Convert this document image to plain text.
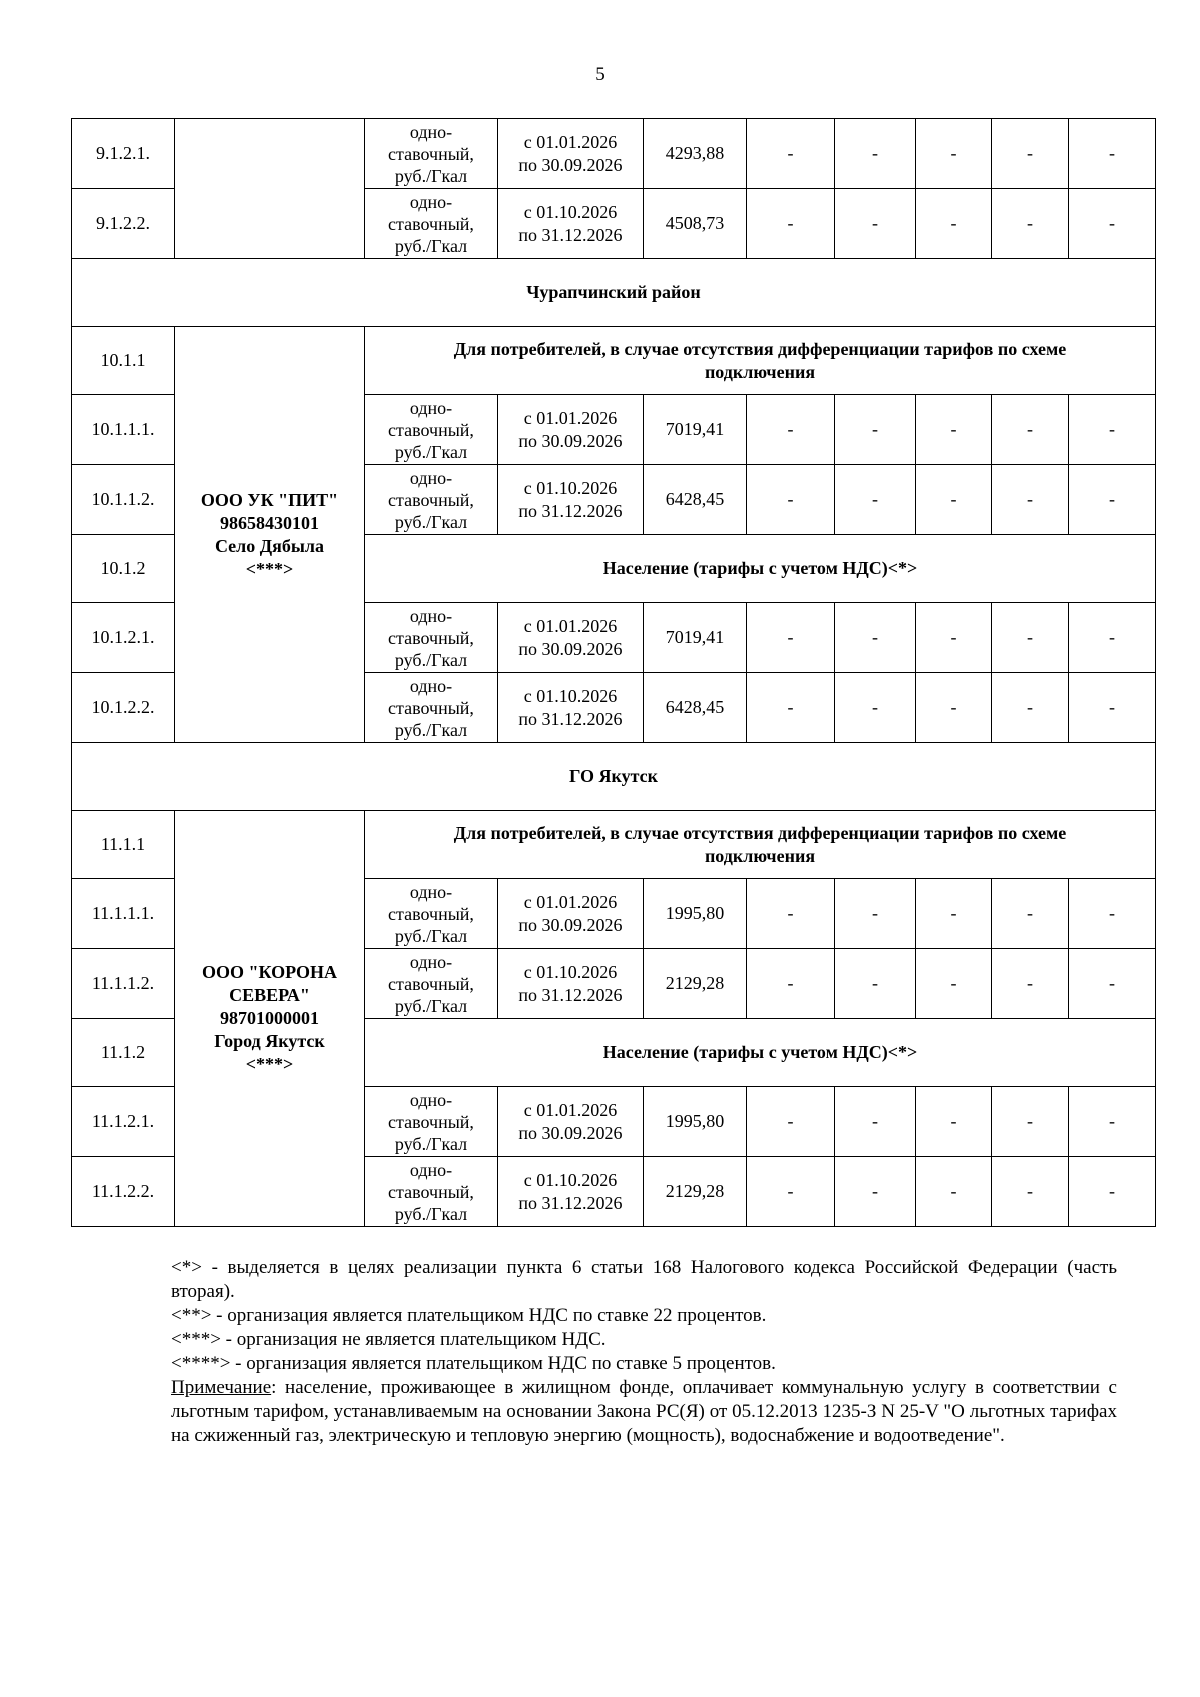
5
9.1.2.1.		одно-
ставочный,
руб./Гкал	с 01.01.2026
по 30.09.2026	4293,88	-	-	-	-	-
9.1.2.2.		одно-
ставочный,
руб./Гкал	с 01.10.2026
по 31.12.2026	4508,73	-	-	-	-	-
Чурапчинский район									
10.1.1	ООО УК "ПИТ"
98658430101
Село Дябыла
<***>	Для потребителей, в случае отсутствия дифференциации тарифов по схеме
подключения							
10.1.1.1.		одно-
ставочный,
руб./Гкал	с 01.01.2026
по 30.09.2026	7019,41	-	-	-	-	-
10.1.1.2.		одно-
ставочный,
руб./Гкал	с 01.10.2026
по 31.12.2026	6428,45	-	-	-	-	-
10.1.2		Население (тарифы с учетом НДС)<*>							
10.1.2.1.		одно-
ставочный,
руб./Гкал	с 01.01.2026
по 30.09.2026	7019,41	-	-	-	-	-
10.1.2.2.		одно-
ставочный,
руб./Гкал	с 01.10.2026
по 31.12.2026	6428,45	-	-	-	-	-
ГО Якутск									
11.1.1	ООО "КОРОНА
СЕВЕРА"
98701000001
Город Якутск
<***>	Для потребителей, в случае отсутствия дифференциации тарифов по схеме
подключения							
11.1.1.1.		одно-
ставочный,
руб./Гкал	с 01.01.2026
по 30.09.2026	1995,80	-	-	-	-	-
11.1.1.2.		одно-
ставочный,
руб./Гкал	с 01.10.2026
по 31.12.2026	2129,28	-	-	-	-	-
11.1.2		Население (тарифы с учетом НДС)<*>							
11.1.2.1.		одно-
ставочный,
руб./Гкал	с 01.01.2026
по 30.09.2026	1995,80	-	-	-	-	-
11.1.2.2.		одно-
ставочный,
руб./Гкал	с 01.10.2026
по 31.12.2026	2129,28	-	-	-	-	-

<*> - выделяется в целях реализации пункта 6 статьи 168 Налогового кодекса Российской Федерации (часть вторая).

<**> - организация является плательщиком НДС по ставке 22 процентов.

<***> - организация не является плательщиком НДС.

<****> - организация является плательщиком НДС по ставке 5 процентов.

Примечание: население, проживающее в жилищном фонде, оплачивает коммунальную услугу в соответствии с льготным тарифом, устанавливаемым на основании Закона РС(Я) от 05.12.2013 1235-З N 25-V "О льготных тарифах на сжиженный газ, электрическую и тепловую энергию (мощность), водоснабжение и водоотведение".
